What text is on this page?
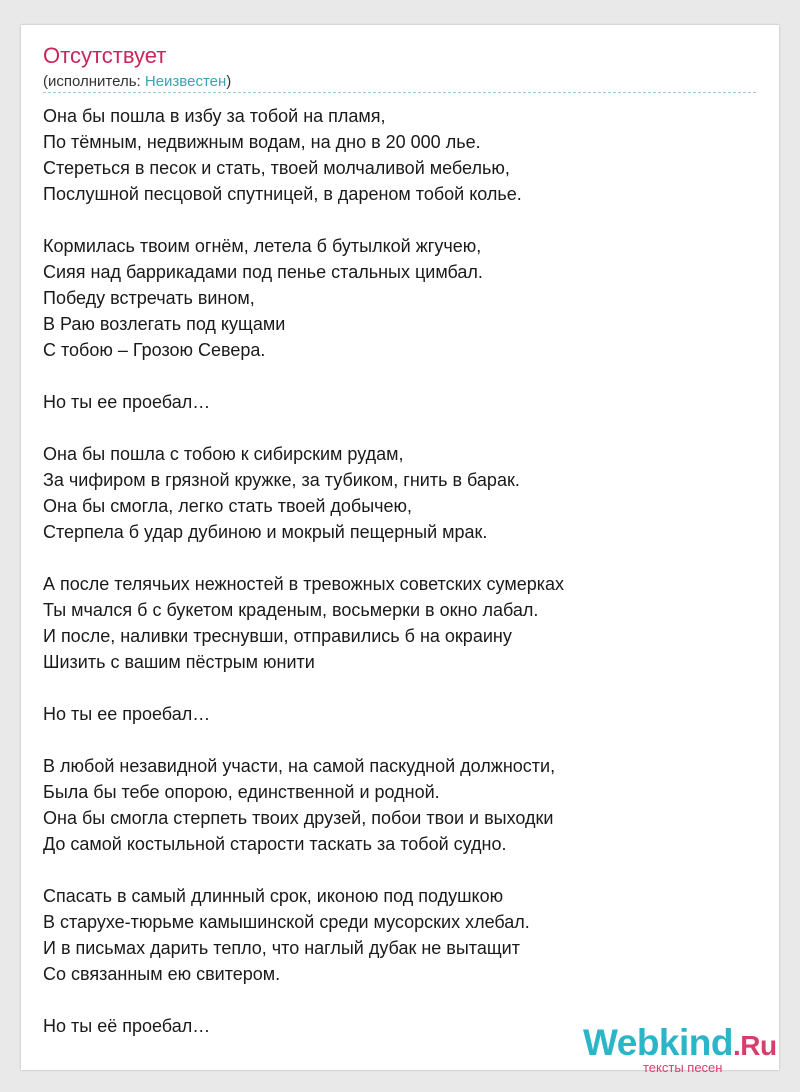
Отсутствует
(исполнитель: Неизвестен)
Она бы пошла в избу за тобой на пламя,
По тёмным, недвижным водам, на дно в 20 000 лье.
Стереться в песок и стать, твоей молчаливой мебелью,
Послушной песцовой спутницей, в дареном тобой колье.
Кормилась твоим огнём, летела б бутылкой жгучею,
Сияя над баррикадами под пенье стальных цимбал.
Победу встречать вином,
В Раю возлегать под кущами
С тобою – Грозою Севера.
Но ты ее проебал…
Она бы пошла с тобою к сибирским рудам,
За чифиром в грязной кружке, за тубиком, гнить в барак.
Она бы смогла, легко стать твоей добычею,
Стерпела б удар дубиною и мокрый пещерный мрак.
А после телячьих нежностей в тревожных советских сумерках
Ты мчался б с букетом краденым, восьмерки в окно лабал.
И после, наливки треснувши, отправились б на окраину
Шизить с вашим пёстрым юнити
Но ты ее проебал…
В любой незавидной участи, на самой паскудной должности,
Была бы тебе опорою, единственной и родной.
Она бы смогла стерпеть твоих друзей, побои твои и выходки
До самой костыльной старости таскать за тобой судно.
Спасать в самый длинный срок, иконою под подушкою
В старухе-тюрьме камышинской среди мусорских хлебал.
И в письмах дарить тепло, что наглый дубак не вытащит
Со связанным ею свитером.
Но ты её проебал…	Webkind.Ru
тексты песен
